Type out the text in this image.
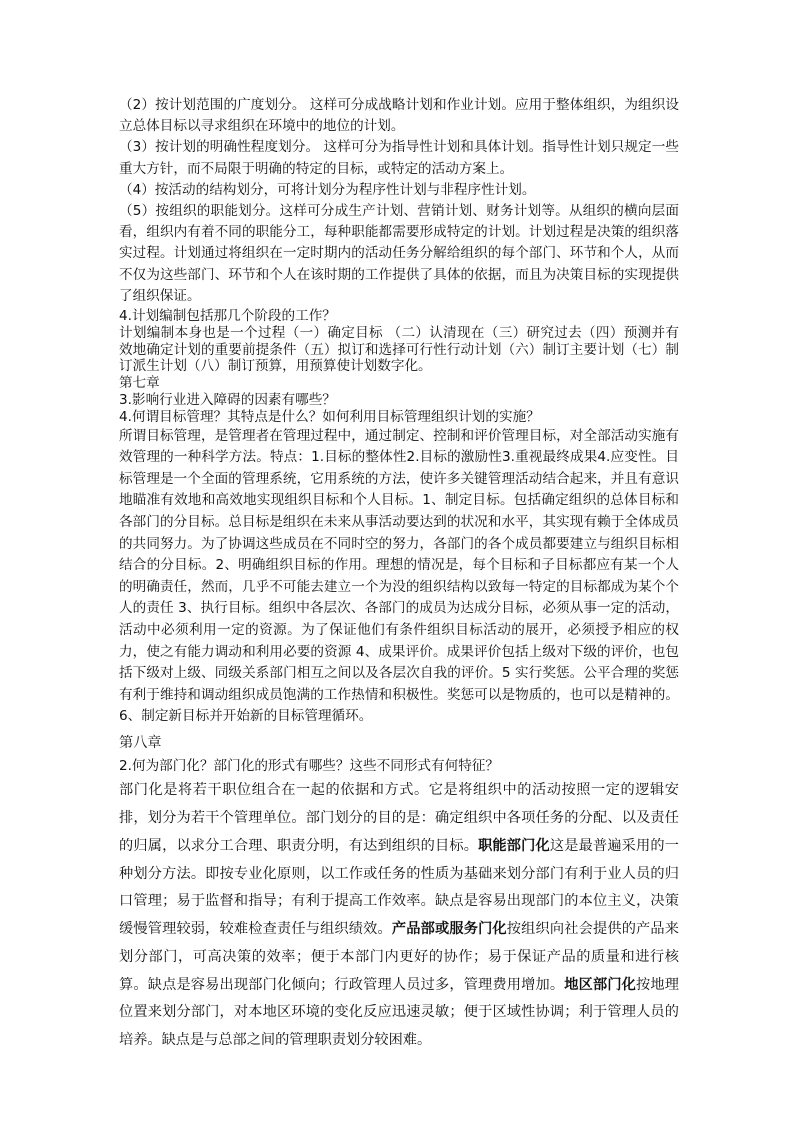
（2）按计划范围的广度划分。 这样可分成战略计划和作业计划。应用于整体组织，为组织设立总体目标以寻求组织在环境中的地位的计划。

（3）按计划的明确性程度划分。 这样可分为指导性计划和具体计划。指导性计划只规定一些重大方针，而不局限于明确的特定的目标，或特定的活动方案上。

（4）按活动的结构划分，可将计划分为程序性计划与非程序性计划。

（5）按组织的职能划分。这样可分成生产计划、营销计划、财务计划等。从组织的横向层面看，组织内有着不同的职能分工，每种职能都需要形成特定的计划。计划过程是决策的组织落实过程。计划通过将组织在一定时期内的活动任务分解给组织的每个部门、环节和个人，从而不仅为这些部门、环节和个人在该时期的工作提供了具体的依据，而且为决策目标的实现提供了组织保证。

4.计划编制包括那几个阶段的工作？

计划编制本身也是一个过程（一）确定目标 （二）认清现在（三）研究过去（四）预测并有效地确定计划的重要前提条件（五）拟订和选择可行性行动计划（六）制订主要计划（七）制订派生计划（八）制订预算，用预算使计划数字化。

第七章

3.影响行业进入障碍的因素有哪些？

4.何谓目标管理？其特点是什么？如何利用目标管理组织计划的实施？

所谓目标管理，是管理者在管理过程中，通过制定、控制和评价管理目标，对全部活动实施有效管理的一种科学方法。特点：1.目标的整体性2.目标的激励性3.重视最终成果4.应变性。目标管理是一个全面的管理系统，它用系统的方法，使许多关键管理活动结合起来，并且有意识地瞄准有效地和高效地实现组织目标和个人目标。1、制定目标。包括确定组织的总体目标和各部门的分目标。总目标是组织在未来从事活动要达到的状况和水平，其实现有赖于全体成员的共同努力。为了协调这些成员在不同时空的努力，各部门的各个成员都要建立与组织目标相结合的分目标。2、明确组织目标的作用。理想的情况是，每个目标和子目标都应有某一个人的明确责任，然而，几乎不可能去建立一个为没的组织结构以致每一特定的目标都成为某个个人的责任 3、执行目标。组织中各层次、各部门的成员为达成分目标，必须从事一定的活动，活动中必须利用一定的资源。为了保证他们有条件组织目标活动的展开，必须授予相应的权力，使之有能力调动和利用必要的资源 4、成果评价。成果评价包括上级对下级的评价，也包括下级对上级、同级关系部门相互之间以及各层次自我的评价。5 实行奖惩。公平合理的奖惩有利于维持和调动组织成员饱满的工作热情和积极性。奖惩可以是物质的，也可以是精神的。6、制定新目标并开始新的目标管理循环。

第八章

2.何为部门化？部门化的形式有哪些？这些不同形式有何特征？

部门化是将若干职位组合在一起的依据和方式。它是将组织中的活动按照一定的逻辑安排，划分为若干个管理单位。部门划分的目的是：确定组织中各项任务的分配、以及责任的归属，以求分工合理、职责分明，有达到组织的目标。职能部门化这是最普遍采用的一种划分方法。即按专业化原则，以工作或任务的性质为基础来划分部门有利于业人员的归口管理；易于监督和指导；有利于提高工作效率。缺点是容易出现部门的本位主义，决策缓慢管理较弱，较难检查责任与组织绩效。产品部或服务门化按组织向社会提供的产品来划分部门，可高决策的效率；便于本部门内更好的协作；易于保证产品的质量和进行核算。缺点是容易出现部门化倾向；行政管理人员过多，管理费用增加。地区部门化按地理位置来划分部门，对本地区环境的变化反应迅速灵敏；便于区域性协调；利于管理人员的培养。缺点是与总部之间的管理职责划分较困难。
